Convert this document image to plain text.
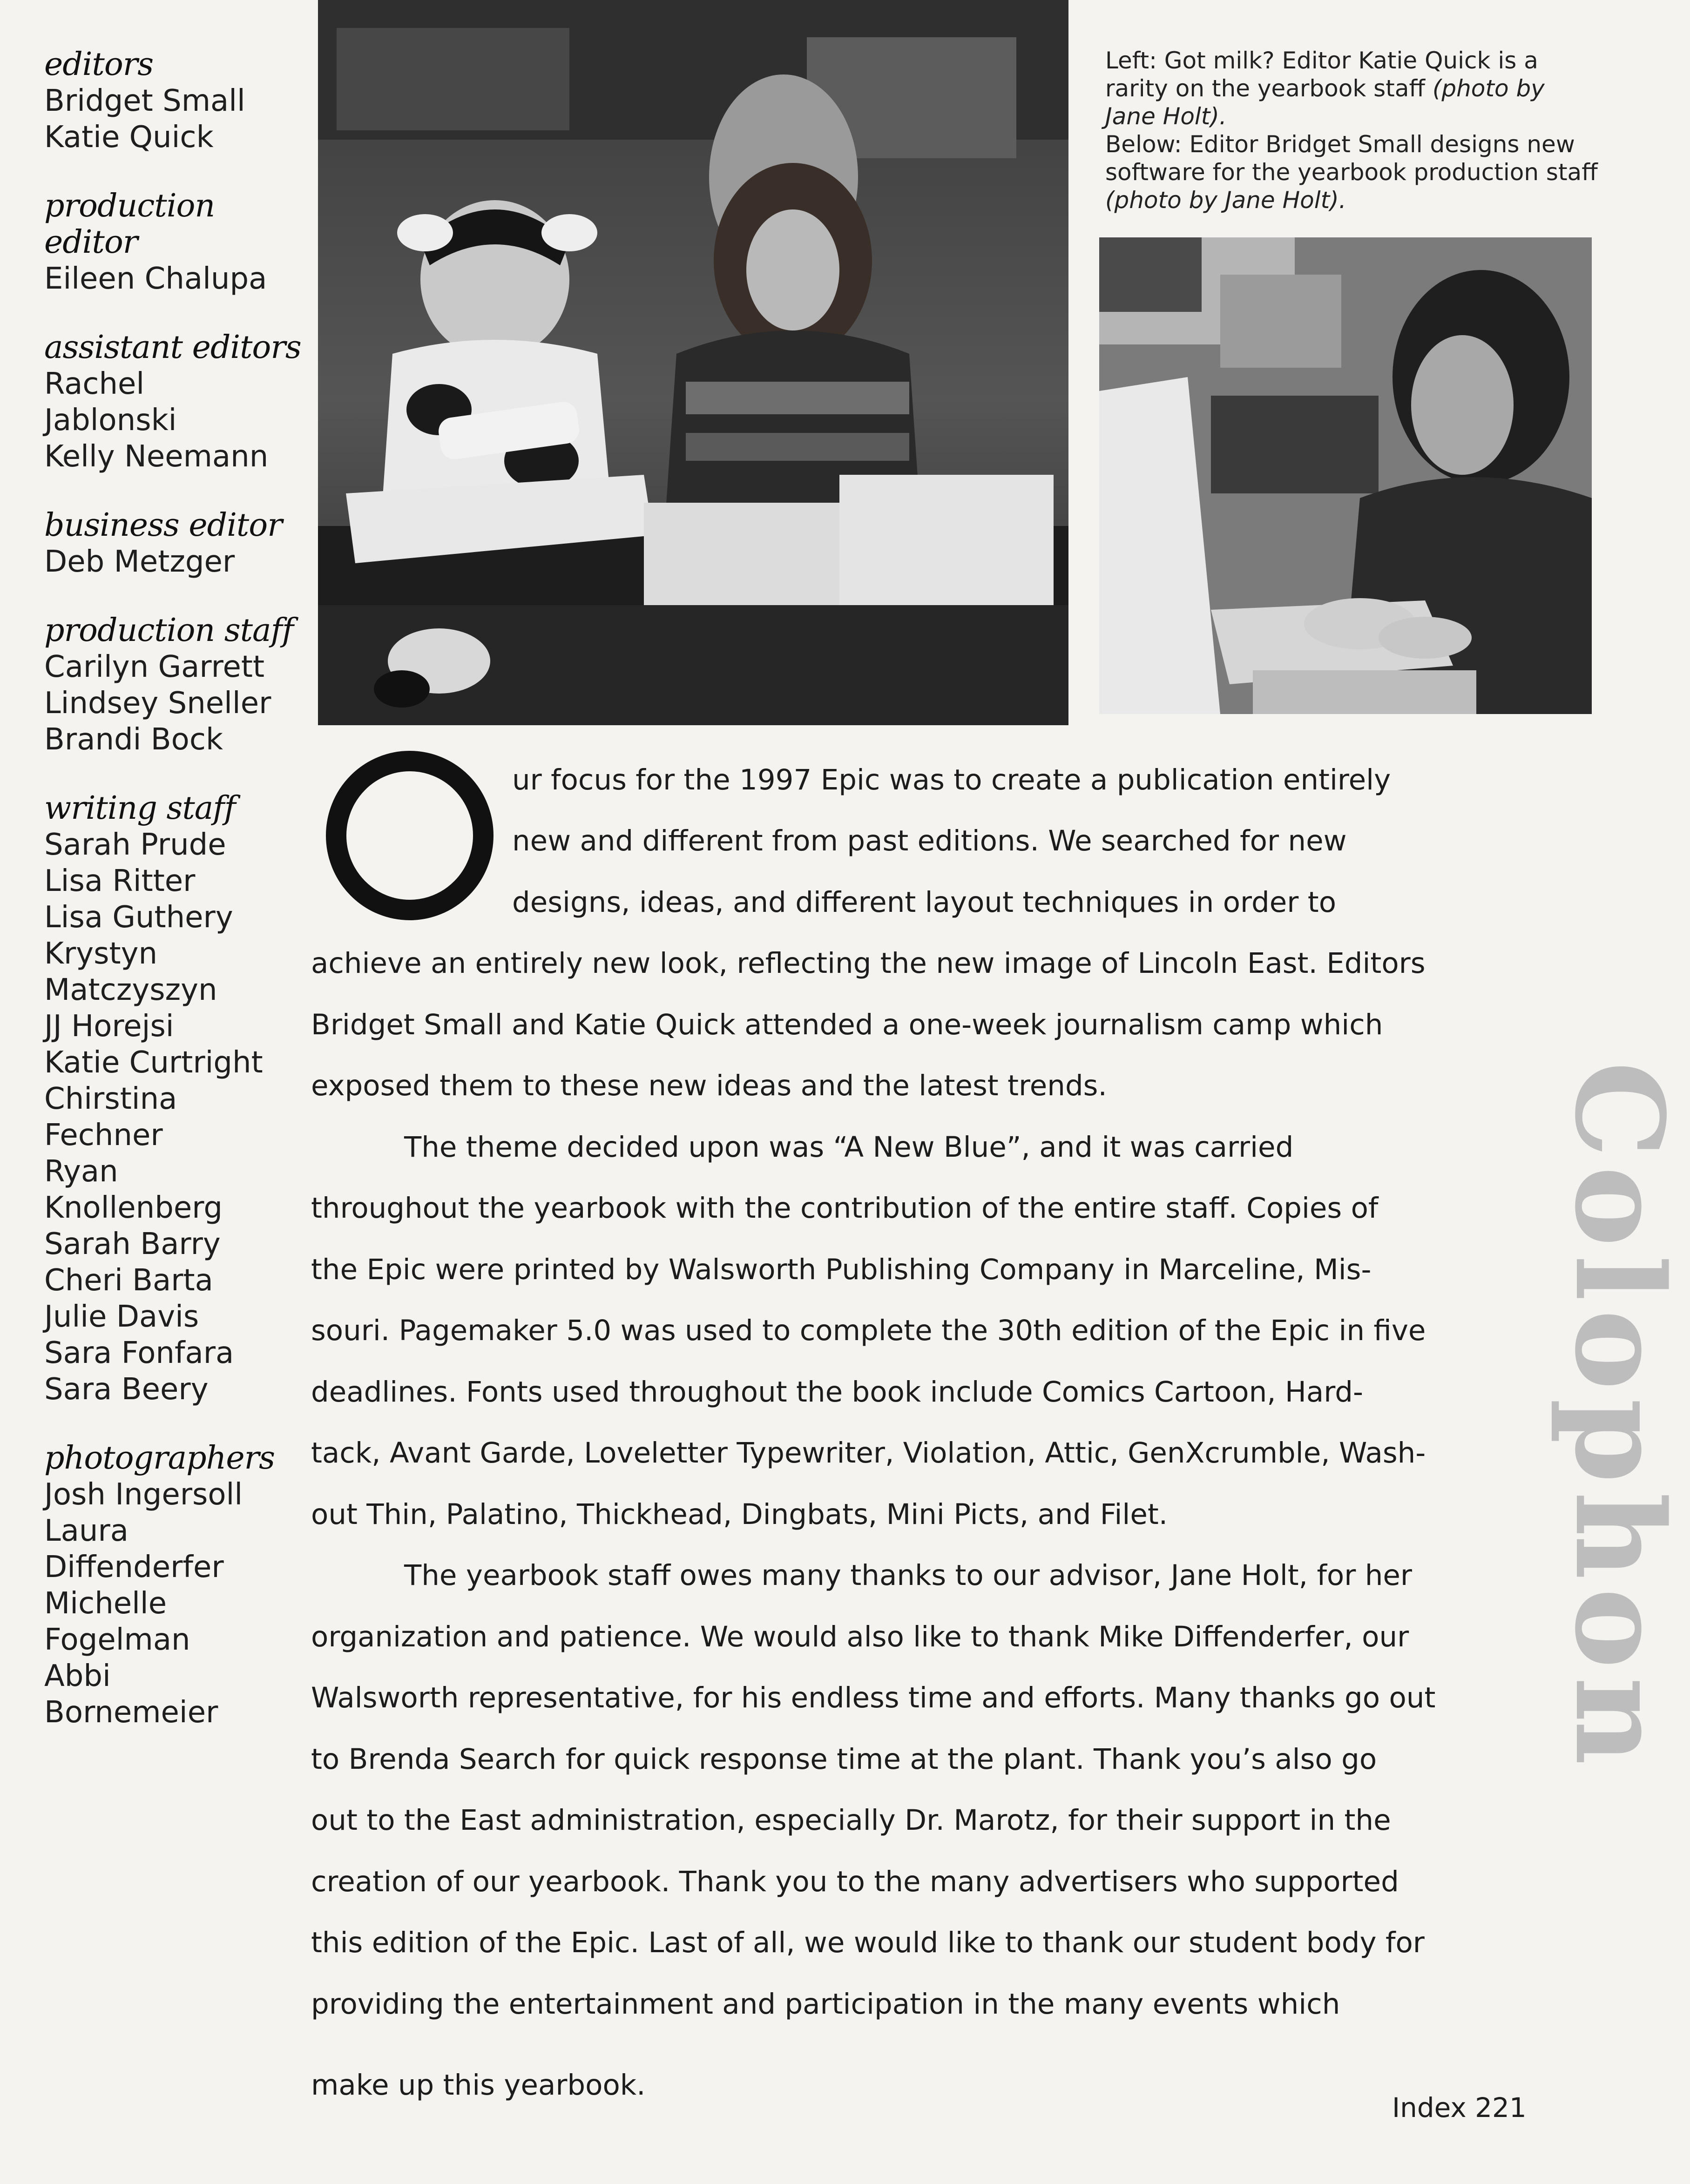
editors
Bridget Small
Katie Quick
production editor
Eileen Chalupa
assistant editors
Rachel
Jablonski
Kelly Neemann
business editor
Deb Metzger
production staff
Carilyn Garrett
Lindsey Sneller
Brandi Bock
writing staff
Sarah Prude
Lisa Ritter
Lisa Guthery
Krystyn
Matczyszyn
JJ Horejsi
Katie Curtright
Chirstina
Fechner
Ryan
Knollenberg
Sarah Barry
Cheri Barta
Julie Davis
Sara Fonfara
Sara Beery
photographers
Josh Ingersoll
Laura
Diffenderfer
Michelle
Fogelman
Abbi
Bornemeier
Left: Got milk? Editor Katie Quick is a rarity on the yearbook staff (photo by Jane Holt).
Below: Editor Bridget Small designs new software for the yearbook production staff (photo by Jane Holt).
ur focus for the 1997 Epic was to create a publication entirely
new and different from past editions. We searched for new
designs, ideas, and different layout techniques in order to
achieve an entirely new look, reflecting the new image of Lincoln East. Editors
Bridget Small and Katie Quick attended a one-week journalism camp which
exposed them to these new ideas and the latest trends.
The theme decided upon was “A New Blue”, and it was carried
throughout the yearbook with the contribution of the entire staff. Copies of
the Epic were printed by Walsworth Publishing Company in Marceline, Mis-
souri. Pagemaker 5.0 was used to complete the 30th edition of the Epic in five
deadlines. Fonts used throughout the book include Comics Cartoon, Hard-
tack, Avant Garde, Loveletter Typewriter, Violation, Attic, GenXcrumble, Wash-
out Thin, Palatino, Thickhead, Dingbats, Mini Picts, and Filet.
The yearbook staff owes many thanks to our advisor, Jane Holt, for her
organization and patience. We would also like to thank Mike Diffenderfer, our
Walsworth representative, for his endless time and efforts. Many thanks go out
to Brenda Search for quick response time at the plant. Thank you’s also go
out to the East administration, especially Dr. Marotz, for their support in the
creation of our yearbook. Thank you to the many advertisers who supported
this edition of the Epic. Last of all, we would like to thank our student body for
providing the entertainment and participation in the many events which
make up this yearbook.
Colophon
Index 221
